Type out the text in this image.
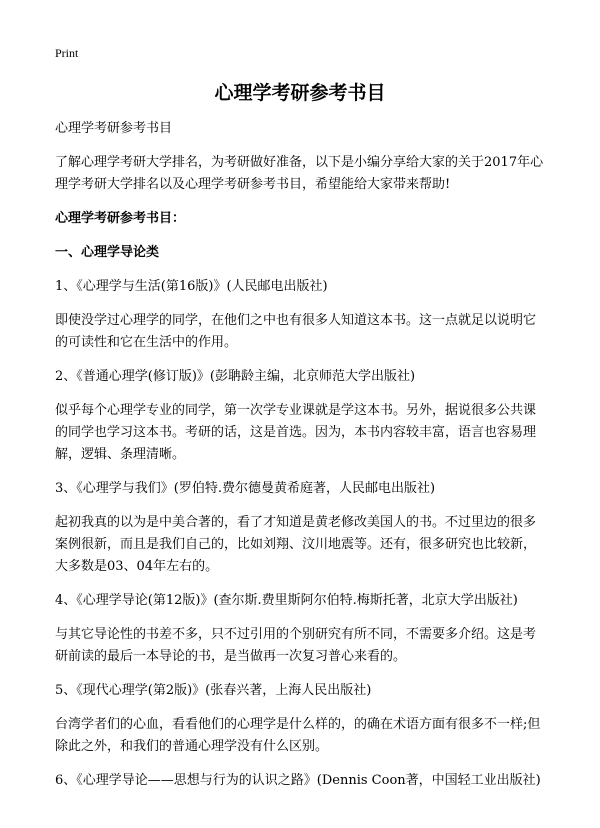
Print
心理学考研参考书目

心理学考研参考书目

了解心理学考研大学排名，为考研做好准备，以下是小编分享给大家的关于2017年心理学考研大学排名以及心理学考研参考书目，希望能给大家带来帮助!

心理学考研参考书目：

一、心理学导论类

1、《心理学与生活(第16版)》(人民邮电出版社)

即使没学过心理学的同学，在他们之中也有很多人知道这本书。这一点就足以说明它的可读性和它在生活中的作用。

2、《普通心理学(修订版)》(彭聃龄主编，北京师范大学出版社)

似乎每个心理学专业的同学，第一次学专业课就是学这本书。另外，据说很多公共课的同学也学习这本书。考研的话，这是首选。因为，本书内容较丰富，语言也容易理解，逻辑、条理清晰。

3、《心理学与我们》(罗伯特.费尔德曼黄希庭著，人民邮电出版社)

起初我真的以为是中美合著的，看了才知道是黄老修改美国人的书。不过里边的很多案例很新，而且是我们自己的，比如刘翔、汶川地震等。还有，很多研究也比较新，大多数是03、04年左右的。

4、《心理学导论(第12版)》(查尔斯.费里斯阿尔伯特.梅斯托著，北京大学出版社)

与其它导论性的书差不多，只不过引用的个别研究有所不同，不需要多介绍。这是考研前读的最后一本导论的书，是当做再一次复习普心来看的。

5、《现代心理学(第2版)》(张春兴著，上海人民出版社)

台湾学者们的心血，看看他们的心理学是什么样的，的确在术语方面有很多不一样;但除此之外，和我们的普通心理学没有什么区别。

6、《心理学导论——思想与行为的认识之路》(Dennis Coon著，中国轻工业出版社)
